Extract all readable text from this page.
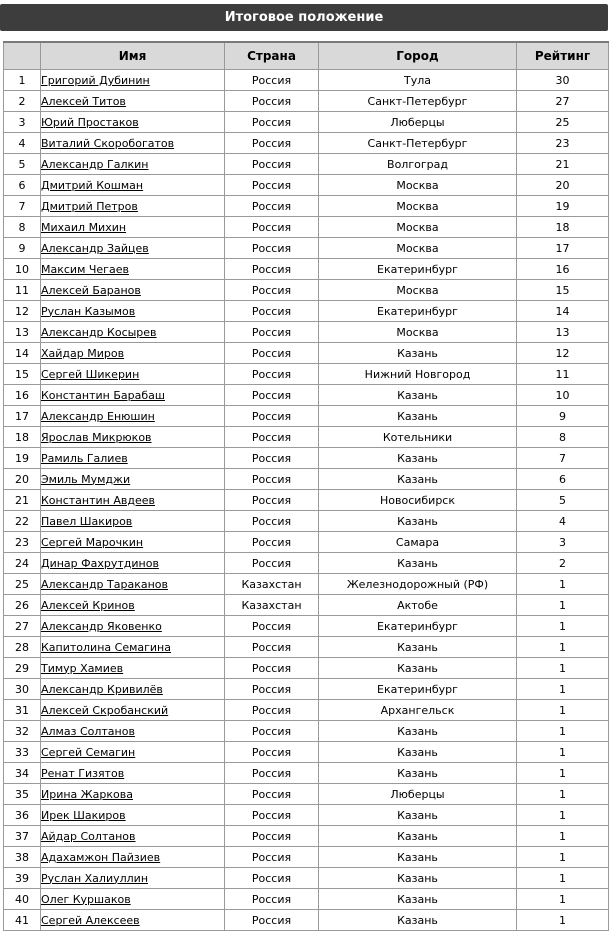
Итоговое положение
	Имя	Страна	Город	Рейтинг
1	Григорий Дубинин	Россия	Тула	30
2	Алексей Титов	Россия	Санкт-Петербург	27
3	Юрий Простаков	Россия	Люберцы	25
4	Виталий Скоробогатов	Россия	Санкт-Петербург	23
5	Александр Галкин	Россия	Волгоград	21
6	Дмитрий Кошман	Россия	Москва	20
7	Дмитрий Петров	Россия	Москва	19
8	Михаил Михин	Россия	Москва	18
9	Александр Зайцев	Россия	Москва	17
10	Максим Чегаев	Россия	Екатеринбург	16
11	Алексей Баранов	Россия	Москва	15
12	Руслан Казымов	Россия	Екатеринбург	14
13	Александр Косырев	Россия	Москва	13
14	Хайдар Миров	Россия	Казань	12
15	Сергей Шикерин	Россия	Нижний Новгород	11
16	Константин Барабаш	Россия	Казань	10
17	Александр Енюшин	Россия	Казань	9
18	Ярослав Микрюков	Россия	Котельники	8
19	Рамиль Галиев	Россия	Казань	7
20	Эмиль Мумджи	Россия	Казань	6
21	Константин Авдеев	Россия	Новосибирск	5
22	Павел Шакиров	Россия	Казань	4
23	Сергей Марочкин	Россия	Самара	3
24	Динар Фахрутдинов	Россия	Казань	2
25	Александр Тараканов	Казахстан	Железнодорожный (РФ)	1
26	Алексей Кринов	Казахстан	Актобе	1
27	Александр Яковенко	Россия	Екатеринбург	1
28	Капитолина Семагина	Россия	Казань	1
29	Тимур Хамиев	Россия	Казань	1
30	Александр Кривилёв	Россия	Екатеринбург	1
31	Алексей Скробанский	Россия	Архангельск	1
32	Алмаз Солтанов	Россия	Казань	1
33	Сергей Семагин	Россия	Казань	1
34	Ренат Гизятов	Россия	Казань	1
35	Ирина Жаркова	Россия	Люберцы	1
36	Ирек Шакиров	Россия	Казань	1
37	Айдар Солтанов	Россия	Казань	1
38	Адахамжон Пайзиев	Россия	Казань	1
39	Руслан Халиуллин	Россия	Казань	1
40	Олег Куршаков	Россия	Казань	1
41	Сергей Алексеев	Россия	Казань	1
